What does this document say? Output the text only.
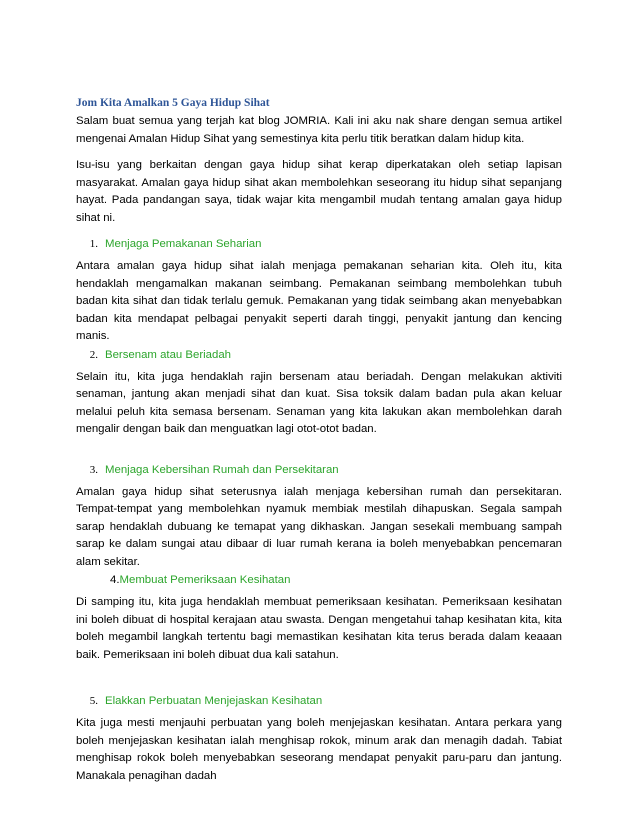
Jom Kita Amalkan 5 Gaya Hidup Sihat

Salam buat semua yang terjah kat blog JOMRIA. Kali ini aku nak share dengan semua artikel mengenai Amalan Hidup Sihat yang semestinya kita perlu titik beratkan dalam hidup kita.

Isu-isu yang berkaitan dengan gaya hidup sihat kerap diperkatakan oleh setiap lapisan masyarakat. Amalan gaya hidup sihat akan membolehkan seseorang itu hidup sihat sepanjang hayat. Pada pandangan saya, tidak wajar kita mengambil mudah tentang amalan gaya hidup sihat ni.

1. Menjaga Pemakanan Seharian

Antara amalan gaya hidup sihat ialah menjaga pemakanan seharian kita. Oleh itu, kita hendaklah mengamalkan makanan seimbang. Pemakanan seimbang membolehkan tubuh badan kita sihat dan tidak terlalu gemuk. Pemakanan yang tidak seimbang akan menyebabkan badan kita mendapat pelbagai penyakit seperti darah tinggi, penyakit jantung dan kencing manis.

2. Bersenam atau Beriadah

Selain itu, kita juga hendaklah rajin bersenam atau beriadah. Dengan melakukan aktiviti senaman, jantung akan menjadi sihat dan kuat. Sisa toksik dalam badan pula akan keluar melalui peluh kita semasa bersenam. Senaman yang kita lakukan akan membolehkan darah mengalir dengan baik dan menguatkan lagi otot-otot badan.

3. Menjaga Kebersihan Rumah dan Persekitaran

Amalan gaya hidup sihat seterusnya ialah menjaga kebersihan rumah dan persekitaran. Tempat-tempat yang membolehkan nyamuk membiak mestilah dihapuskan. Segala sampah sarap hendaklah dubuang ke temapat yang dikhaskan. Jangan sesekali membuang sampah sarap ke dalam sungai atau dibaar di luar rumah kerana ia boleh menyebabkan pencemaran alam sekitar.

4. Membuat Pemeriksaan Kesihatan

Di samping itu, kita juga hendaklah membuat pemeriksaan kesihatan. Pemeriksaan kesihatan ini boleh dibuat di hospital kerajaan atau swasta. Dengan mengetahui tahap kesihatan kita, kita boleh megambil langkah tertentu bagi memastikan kesihatan kita terus berada dalam keaaan baik. Pemeriksaan ini boleh dibuat dua kali satahun.

5. Elakkan Perbuatan Menjejaskan Kesihatan

Kita juga mesti menjauhi perbuatan yang boleh menjejaskan kesihatan. Antara perkara yang boleh menjejaskan kesihatan ialah menghisap rokok, minum arak dan menagih dadah. Tabiat menghisap rokok boleh menyebabkan seseorang mendapat penyakit paru-paru dan jantung. Manakala penagihan dadah
